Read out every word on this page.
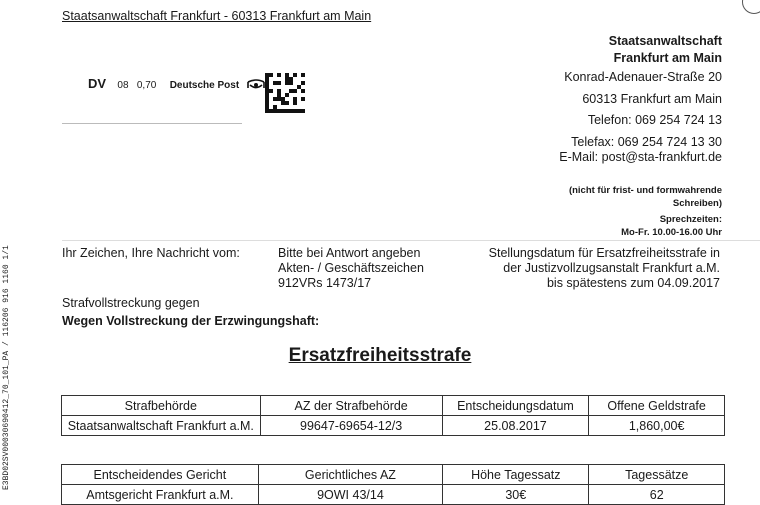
Staatsanwaltschaft Frankfurt - 60313 Frankfurt am Main
Staatsanwaltschaft
Frankfurt am Main
Konrad-Adenauer-Straße 20
60313 Frankfurt am Main
Telefon: 069 254 724 13
Telefax: 069 254 724 13 30
E-Mail: post@sta-frankfurt.de
(nicht für frist- und formwahrende
Schreiben)
Sprechzeiten:
Mo-Fr. 10.00-16.00 Uhr
DV 08 0,70 Deutsche Post
Ihr Zeichen, Ihre Nachricht vom:	Bitte bei Antwort angeben
Akten- / Geschäftszeichen
912VRs 1473/17
Stellungsdatum für Ersatzfreiheitsstrafe in
der Justizvollzugsanstalt Frankfurt a.M.
bis spätestens zum 04.09.2017
Strafvollstreckung gegen
Wegen Vollstreckung der Erzwingungshaft:
Ersatzfreiheitsstrafe
Strafbehörde	AZ der Strafbehörde	Entscheidungsdatum	Offene Geldstrafe
Staatsanwaltschaft Frankfurt a.M.	99647-69654-12/3	25.08.2017	1,860,00€
Entscheidendes Gericht	Gerichtliches AZ	Höhe Tagessatz	Tagessätze
Amtsgericht Frankfurt a.M.	9OWI 43/14	30€	62
E3BD02SV00030690412_70_101_PA / 116206 916 1160 1/1
